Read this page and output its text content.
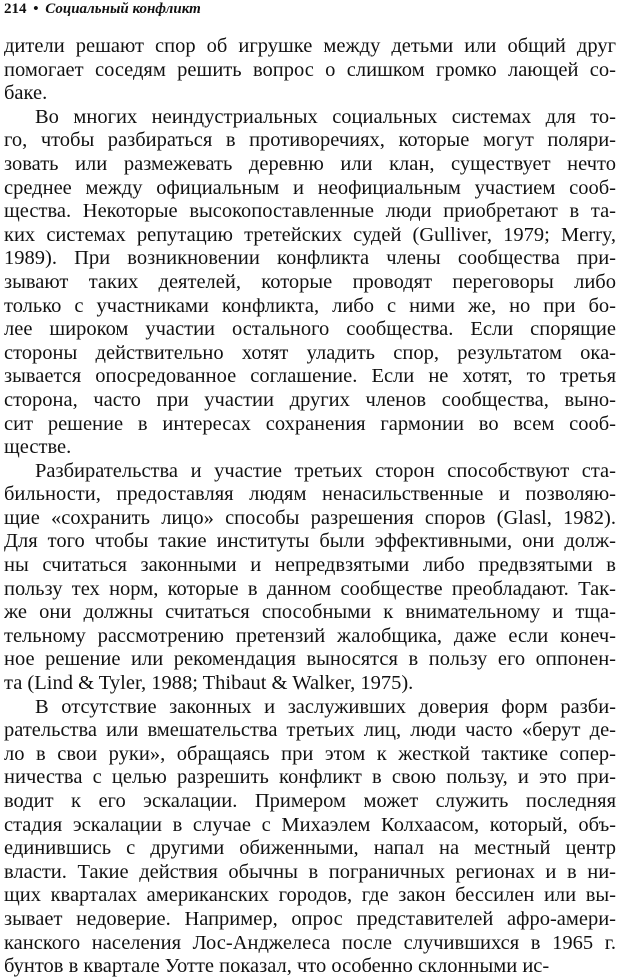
214 • Социальный конфликт
дители решают спор об игрушке между детьми или общий друг
помогает соседям решить вопрос о слишком громко лающей со-
баке.
Во многих неиндустриальных социальных системах для то-
го, чтобы разбираться в противоречиях, которые могут поляри-
зовать или размежевать деревню или клан, существует нечто
среднее между официальным и неофициальным участием сооб-
щества. Некоторые высокопоставленные люди приобретают в та-
ких системах репутацию третейских судей (Gulliver, 1979; Merry,
1989). При возникновении конфликта члены сообщества при-
зывают таких деятелей, которые проводят переговоры либо
только с участниками конфликта, либо с ними же, но при бо-
лее широком участии остального сообщества. Если спорящие
стороны действительно хотят уладить спор, результатом ока-
зывается опосредованное соглашение. Если не хотят, то третья
сторона, часто при участии других членов сообщества, выно-
сит решение в интересах сохранения гармонии во всем сооб-
ществе.
Разбирательства и участие третьих сторон способствуют ста-
бильности, предоставляя людям ненасильственные и позволяю-
щие «сохранить лицо» способы разрешения споров (Glasl, 1982).
Для того чтобы такие институты были эффективными, они долж-
ны считаться законными и непредвзятыми либо предвзятыми в
пользу тех норм, которые в данном сообществе преобладают. Так-
же они должны считаться способными к внимательному и тща-
тельному рассмотрению претензий жалобщика, даже если конеч-
ное решение или рекомендация выносятся в пользу его оппонен-
та (Lind & Tyler, 1988; Thibaut & Walker, 1975).
В отсутствие законных и заслуживших доверия форм разби-
рательства или вмешательства третьих лиц, люди часто «берут де-
ло в свои руки», обращаясь при этом к жесткой тактике сопер-
ничества с целью разрешить конфликт в свою пользу, и это при-
водит к его эскалации. Примером может служить последняя
стадия эскалации в случае с Михаэлем Колхаасом, который, объ-
единившись с другими обиженными, напал на местный центр
власти. Такие действия обычны в пограничных регионах и в ни-
щих кварталах американских городов, где закон бессилен или вы-
зывает недоверие. Например, опрос представителей афро-амери-
канского населения Лос-Анджелеса после случившихся в 1965 г.
бунтов в квартале Уотте показал, что особенно склонными ис-
